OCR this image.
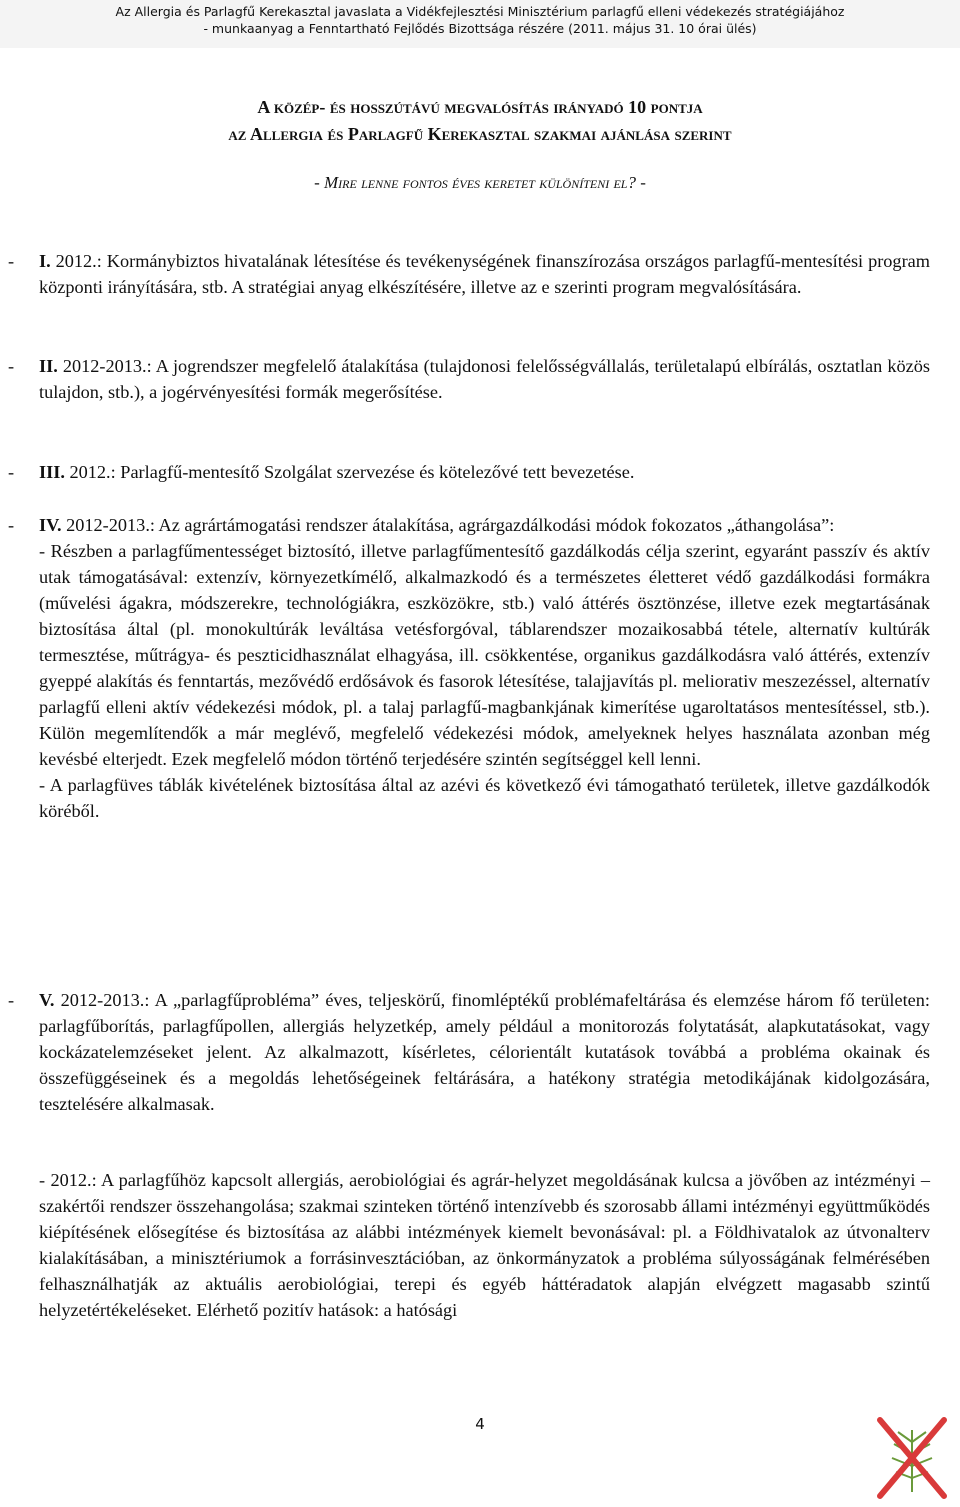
Az Allergia és Parlagfű Kerekasztal javaslata a Vidékfejlesztési Minisztérium parlagfű elleni védekezés stratégiájához
- munkaanyag a Fenntartható Fejlődés Bizottsága részére (2011. május 31. 10 órai ülés)
A közép- és hosszútávú megvalósítás irányadó 10 pontja
az Allergia és Parlagfű Kerekasztal szakmai ajánlása szerint
- Mire lenne fontos éves keretet különíteni el? -
- I. 2012.: Kormánybiztos hivatalának létesítése és tevékenységének finanszírozása országos parlagfű-mentesítési program központi irányítására, stb. A stratégiai anyag elkészítésére, illetve az e szerinti program megvalósítására.
- II. 2012-2013.: A jogrendszer megfelelő átalakítása (tulajdonosi felelősségvállalás, területalapú elbírálás, osztatlan közös tulajdon, stb.), a jogérvényesítési formák megerősítése.
- III. 2012.: Parlagfű-mentesítő Szolgálat szervezése és kötelezővé tett bevezetése.
- IV. 2012-2013.: Az agrártámogatási rendszer átalakítása, agrárgazdálkodási módok fokozatos „áthangolása”:
- Részben a parlagfűmentességet biztosító, illetve parlagfűmentesítő gazdálkodás célja szerint, egyaránt passzív és aktív utak támogatásával: extenzív, környezetkímélő, alkalmazkodó és a természetes életteret védő gazdálkodási formákra (művelési ágakra, módszerekre, technológiákra, eszközökre, stb.) való áttérés ösztönzése, illetve ezek megtartásának biztosítása által (pl. monokultúrák leváltása vetésforgóval, táblarendszer mozaikosabbá tétele, alternatív kultúrák termesztése, műtrágya- és peszticidhasználat elhagyása, ill. csökkentése, organikus gazdálkodásra való áttérés, extenzív gyeppé alakítás és fenntartás, mezővédő erdősávok és fasorok létesítése, talajjavítás pl. meliorativ meszezéssel, alternatív parlagfű elleni aktív védekezési módok, pl. a talaj parlagfű-magbankjának kimerítése ugaroltatásos mentesítéssel, stb.). Külön megemlítendők a már meglévő, megfelelő védekezési módok, amelyeknek helyes használata azonban még kevésbé elterjedt. Ezek megfelelő módon történő terjedésére szintén segítséggel kell lenni.
- A parlagfüves táblák kivételének biztosítása által az azévi és következő évi támogatható területek, illetve gazdálkodók köréből.
- V. 2012-2013.: A „parlagfűprobléma” éves, teljeskörű, finomléptékű problémafeltárása és elemzése három fő területen: parlagfűborítás, parlagfűpollen, allergiás helyzetkép, amely például a monitorozás folytatását, alapkutatásokat, vagy kockázatelemzéseket jelent. Az alkalmazott, kísérletes, célorientált kutatások továbbá a probléma okainak és összefüggéseinek és a megoldás lehetőségeinek feltárására, a hatékony stratégia metodikájának kidolgozására, tesztelésére alkalmasak.
- 2012.: A parlagfűhöz kapcsolt allergiás, aerobiológiai és agrár-helyzet megoldásának kulcsa a jövőben az intézményi – szakértői rendszer összehangolása; szakmai szinteken történő intenzívebb és szorosabb állami intézményi együttműködés kiépítésének elősegítése és biztosítása az alábbi intézmények kiemelt bevonásával: pl. a Földhivatalok az útvonalterv kialakításában, a minisztériumok a forrásinvesztációban, az önkormányzatok a probléma súlyosságának felmérésében felhasználhatják az aktuális aerobiológiai, terepi és egyéb háttéradatok alapján elvégzett magasabb szintű helyzetértékeléseket. Elérhető pozitív hatások: a hatósági
4
